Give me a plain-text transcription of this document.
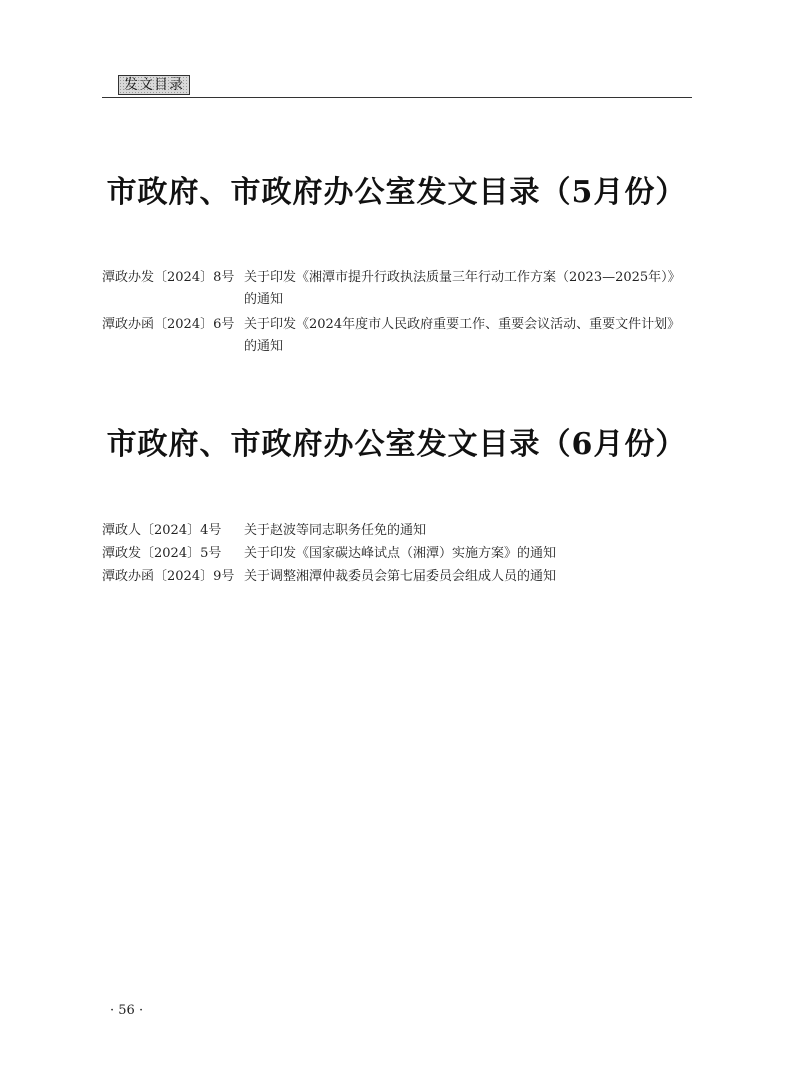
发文目录
市政府、市政府办公室发文目录（5月份）
潭政办发〔2024〕8号 关于印发《湘潭市提升行政执法质量三年行动工作方案（2023—2025年）》的通知
潭政办函〔2024〕6号 关于印发《2024年度市人民政府重要工作、重要会议活动、重要文件计划》的通知
市政府、市政府办公室发文目录（6月份）
潭政人〔2024〕4号 关于赵波等同志职务任免的通知
潭政发〔2024〕5号 关于印发《国家碳达峰试点（湘潭）实施方案》的通知
潭政办函〔2024〕9号 关于调整湘潭仲裁委员会第七届委员会组成人员的通知
· 56 ·
